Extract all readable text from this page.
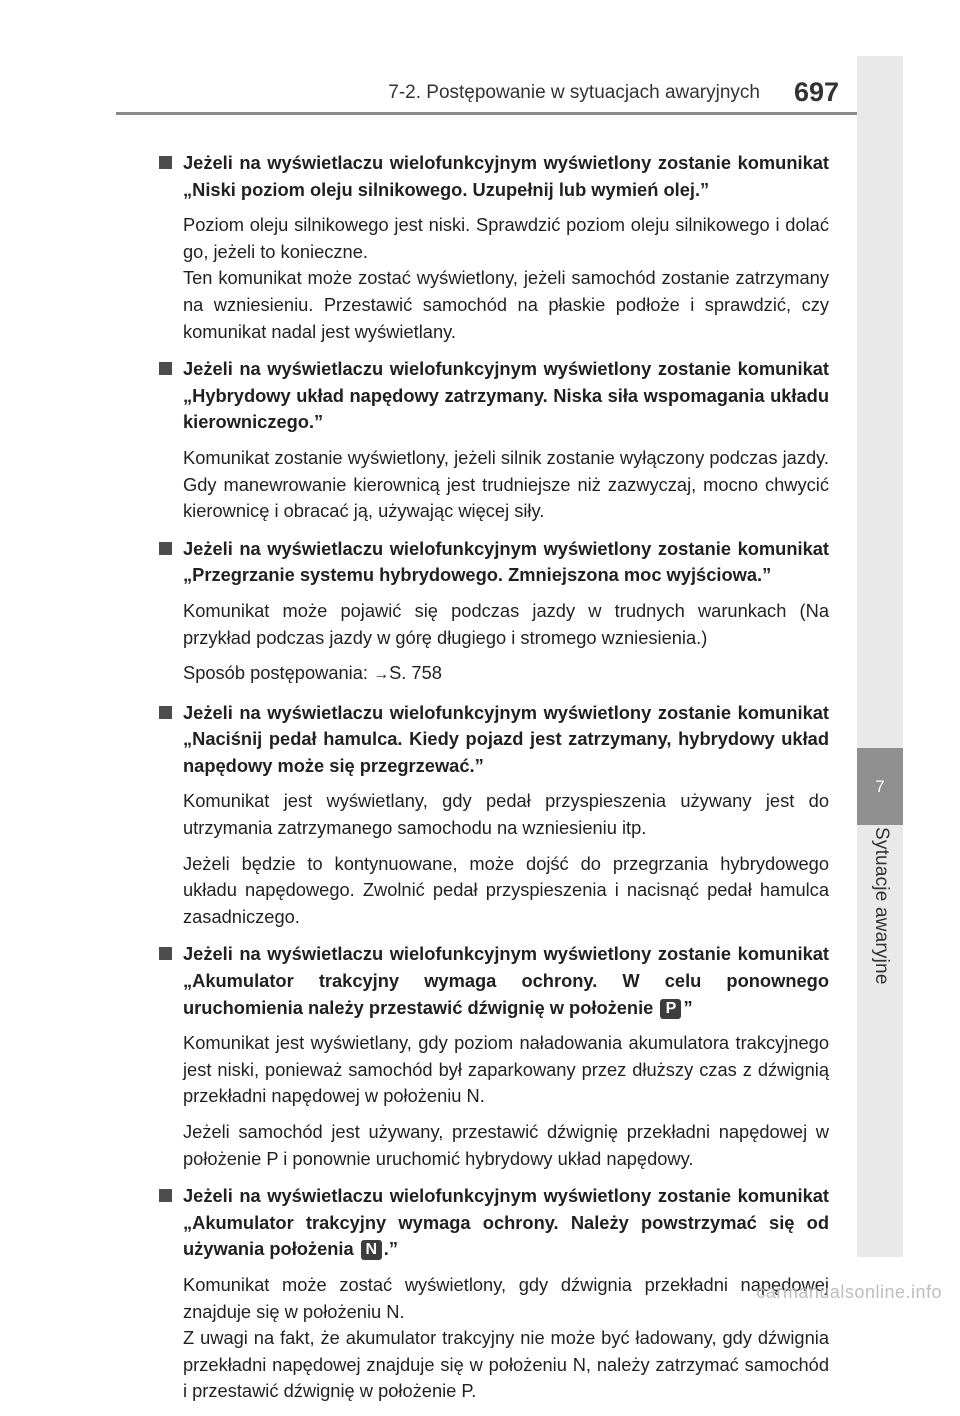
7-2. Postępowanie w sytuacjach awaryjnych 697
7
Sytuacje awaryjne
Jeżeli na wyświetlaczu wielofunkcyjnym wyświetlony zostanie komunikat „Niski poziom oleju silnikowego. Uzupełnij lub wymień olej.”
Poziom oleju silnikowego jest niski. Sprawdzić poziom oleju silnikowego i dolać go, jeżeli to konieczne.
Ten komunikat może zostać wyświetlony, jeżeli samochód zostanie zatrzymany na wzniesieniu. Przestawić samochód na płaskie podłoże i sprawdzić, czy komunikat nadal jest wyświetlany.
Jeżeli na wyświetlaczu wielofunkcyjnym wyświetlony zostanie komunikat „Hybrydowy układ napędowy zatrzymany. Niska siła wspomagania układu kierowniczego.”
Komunikat zostanie wyświetlony, jeżeli silnik zostanie wyłączony podczas jazdy. Gdy manewrowanie kierownicą jest trudniejsze niż zazwyczaj, mocno chwycić kierownicę i obracać ją, używając więcej siły.
Jeżeli na wyświetlaczu wielofunkcyjnym wyświetlony zostanie komunikat „Przegrzanie systemu hybrydowego. Zmniejszona moc wyjściowa.”
Komunikat może pojawić się podczas jazdy w trudnych warunkach (Na przykład podczas jazdy w górę długiego i stromego wzniesienia.)
Sposób postępowania: →S. 758
Jeżeli na wyświetlaczu wielofunkcyjnym wyświetlony zostanie komunikat „Naciśnij pedał hamulca. Kiedy pojazd jest zatrzymany, hybrydowy układ napędowy może się przegrzewać.”
Komunikat jest wyświetlany, gdy pedał przyspieszenia używany jest do utrzymania zatrzymanego samochodu na wzniesieniu itp.
Jeżeli będzie to kontynuowane, może dojść do przegrzania hybrydowego układu napędowego. Zwolnić pedał przyspieszenia i nacisnąć pedał hamulca zasadniczego.
Jeżeli na wyświetlaczu wielofunkcyjnym wyświetlony zostanie komunikat „Akumulator trakcyjny wymaga ochrony. W celu ponownego uruchomienia należy przestawić dźwignię w położenie P ”
Komunikat jest wyświetlany, gdy poziom naładowania akumulatora trakcyjnego jest niski, ponieważ samochód był zaparkowany przez dłuższy czas z dźwignią przekładni napędowej w położeniu N.
Jeżeli samochód jest używany, przestawić dźwignię przekładni napędowej w położenie P i ponownie uruchomić hybrydowy układ napędowy.
Jeżeli na wyświetlaczu wielofunkcyjnym wyświetlony zostanie komunikat „Akumulator trakcyjny wymaga ochrony. Należy powstrzymać się od używania położenia N .”
Komunikat może zostać wyświetlony, gdy dźwignia przekładni napędowej znajduje się w położeniu N.
Z uwagi na fakt, że akumulator trakcyjny nie może być ładowany, gdy dźwignia przekładni napędowej znajduje się w położeniu N, należy zatrzymać samochód i przestawić dźwignię w położenie P.
carmanualsonline.info
